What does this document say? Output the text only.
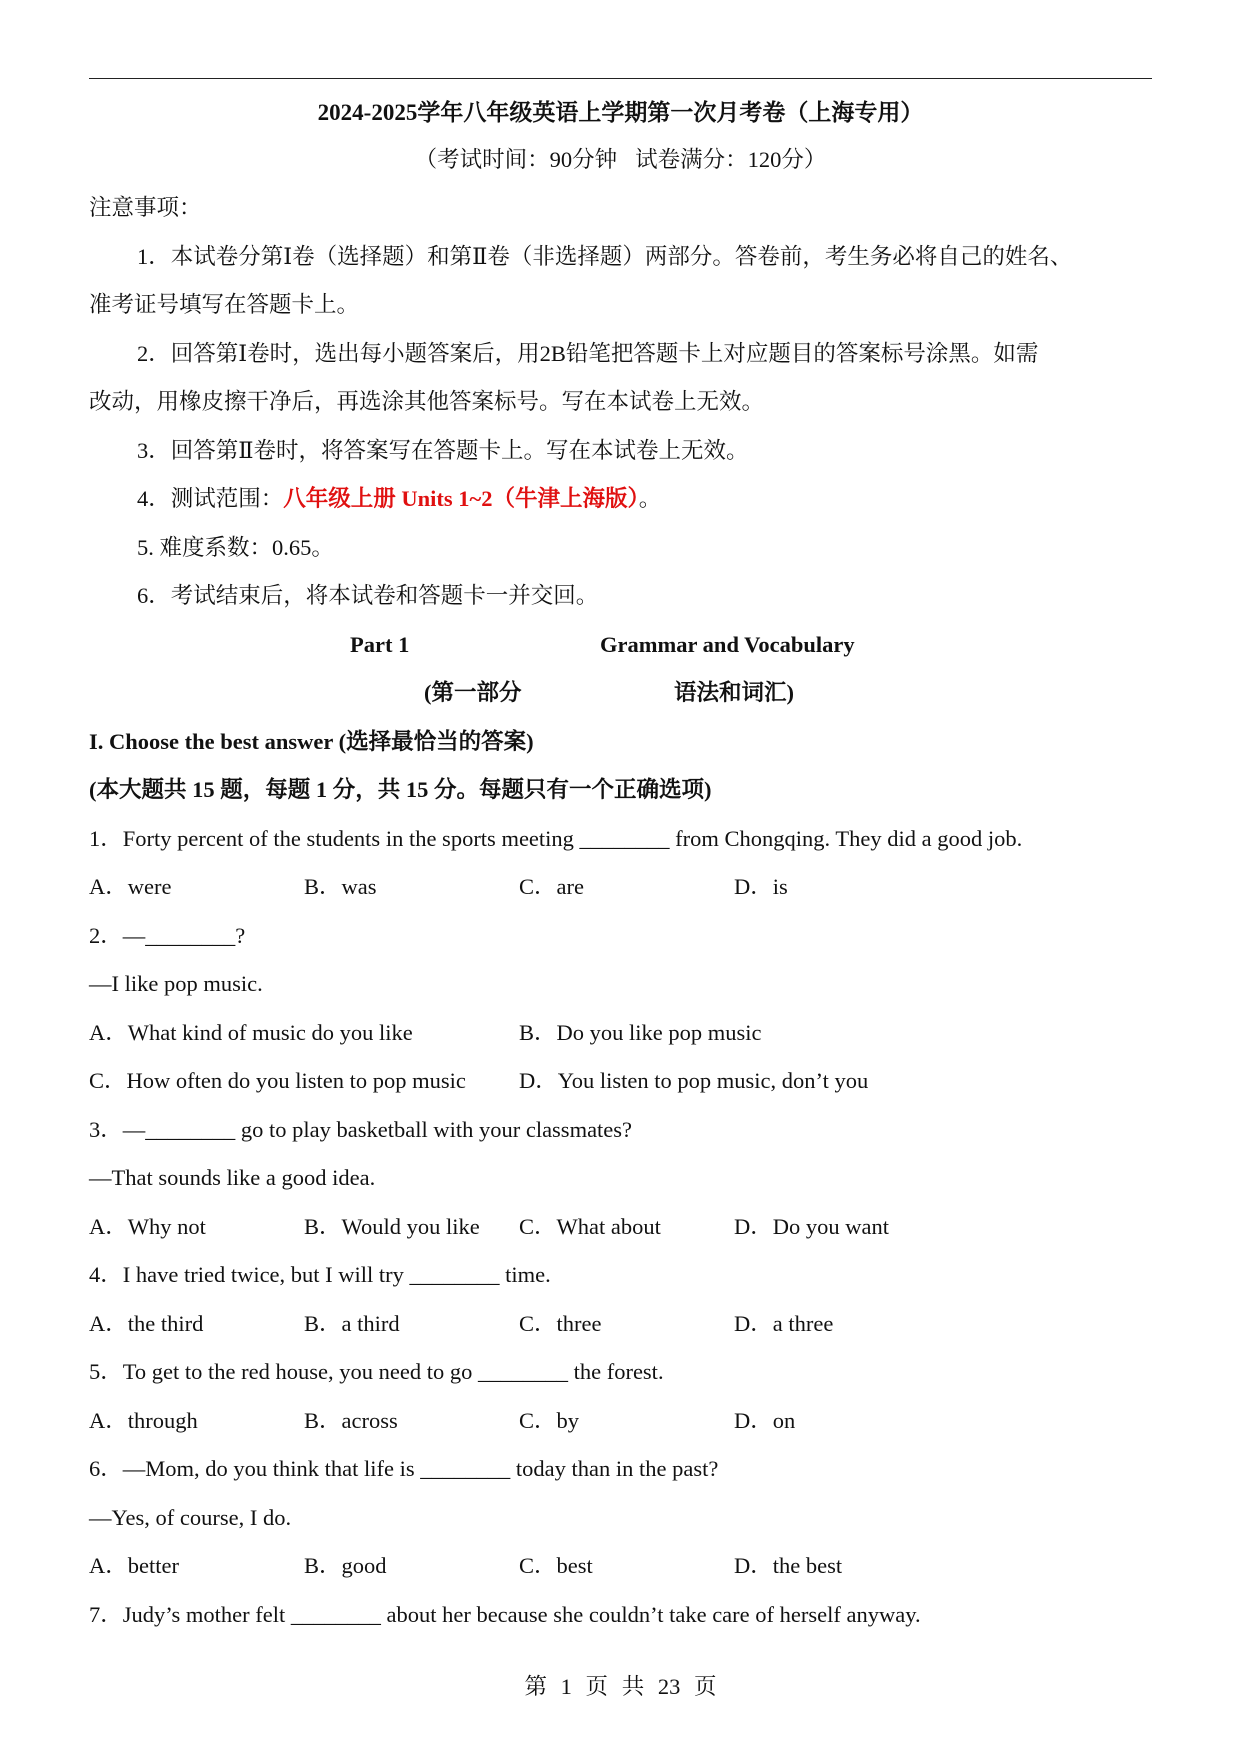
2024-2025学年八年级英语上学期第一次月考卷（上海专用）
（考试时间：90分钟 试卷满分：120分）
注意事项：
1．本试卷分第Ⅰ卷（选择题）和第Ⅱ卷（非选择题）两部分。答卷前，考生务必将自己的姓名、
准考证号填写在答题卡上。
2．回答第Ⅰ卷时，选出每小题答案后，用2B铅笔把答题卡上对应题目的答案标号涂黑。如需
改动，用橡皮擦干净后，再选涂其他答案标号。写在本试卷上无效。
3．回答第Ⅱ卷时，将答案写在答题卡上。写在本试卷上无效。
4．测试范围：八年级上册 Units 1~2（牛津上海版）。
5. 难度系数：0.65。
6．考试结束后，将本试卷和答题卡一并交回。
Part 1	Grammar and Vocabulary
(第一部分	语法和词汇)
I. Choose the best answer (选择最恰当的答案)
(本大题共 15 题，每题 1 分，共 15 分。每题只有一个正确选项)
1．Forty percent of the students in the sports meeting ________ from Chongqing. They did a good job.
A．were	B．was	C．are	D．is
2．—________?
—I like pop music.
A．What kind of music do you like	B．Do you like pop music
C．How often do you listen to pop music D．You listen to pop music, don’t you
3．—________ go to play basketball with your classmates?
—That sounds like a good idea.
A．Why not	B．Would you like C．What about	D．Do you want
4．I have tried twice, but I will try ________ time.
A．the third	B．a third	C．three	D．a three
5．To get to the red house, you need to go ________ the forest.
A．through	B．across	C．by	D．on
6．—Mom, do you think that life is ________ today than in the past?
—Yes, of course, I do.
A．better	B．good	C．best	D．the best
7．Judy’s mother felt ________ about her because she couldn’t take care of herself anyway.
第 1 页 共 23 页
